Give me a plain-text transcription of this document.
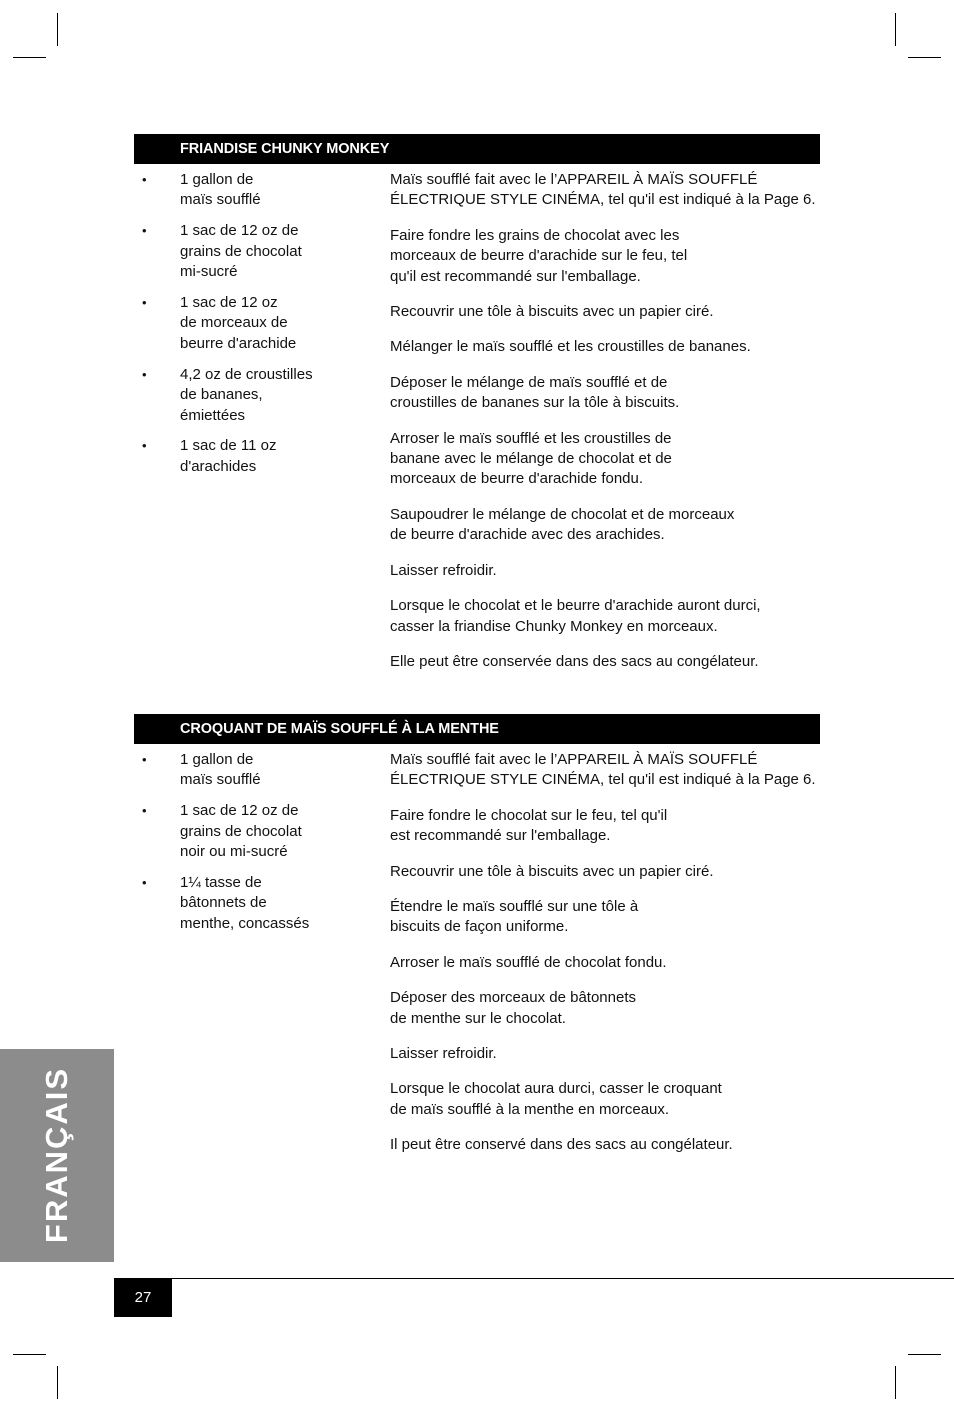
FRIANDISE CHUNKY MONKEY
• 1 gallon de
maïs soufflé
• 1 sac de 12 oz de
grains de chocolat
mi-sucré
• 1 sac de 12 oz
de morceaux de
beurre d'arachide
• 4,2 oz de croustilles
de bananes,
émiettées
• 1 sac de 11 oz
d'arachides

Maïs soufflé fait avec le l’APPAREIL À MAÏS SOUFFLÉ
ÉLECTRIQUE STYLE CINÉMA, tel qu'il est indiqué à la Page 6.

Faire fondre les grains de chocolat avec les
morceaux de beurre d'arachide sur le feu, tel
qu'il est recommandé sur l'emballage.

Recouvrir une tôle à biscuits avec un papier ciré.

Mélanger le maïs soufflé et les croustilles de bananes.

Déposer le mélange de maïs soufflé et de
croustilles de bananes sur la tôle à biscuits.

Arroser le maïs soufflé et les croustilles de
banane avec le mélange de chocolat et de
morceaux de beurre d'arachide fondu.

Saupoudrer le mélange de chocolat et de morceaux
de beurre d'arachide avec des arachides.

Laisser refroidir.

Lorsque le chocolat et le beurre d'arachide auront durci,
casser la friandise Chunky Monkey en morceaux.

Elle peut être conservée dans des sacs au congélateur.

CROQUANT DE MAÏS SOUFFLÉ À LA MENTHE
• 1 gallon de
maïs soufflé
• 1 sac de 12 oz de
grains de chocolat
noir ou mi-sucré
• 1¼ tasse de
bâtonnets de
menthe, concassés

Maïs soufflé fait avec le l’APPAREIL À MAÏS SOUFFLÉ
ÉLECTRIQUE STYLE CINÉMA, tel qu'il est indiqué à la Page 6.

Faire fondre le chocolat sur le feu, tel qu'il
est recommandé sur l'emballage.

Recouvrir une tôle à biscuits avec un papier ciré.

Étendre le maïs soufflé sur une tôle à
biscuits de façon uniforme.

Arroser le maïs soufflé de chocolat fondu.

Déposer des morceaux de bâtonnets
de menthe sur le chocolat.

Laisser refroidir.

Lorsque le chocolat aura durci, casser le croquant
de maïs soufflé à la menthe en morceaux.

Il peut être conservé dans des sacs au congélateur.

FRANÇAIS
27
